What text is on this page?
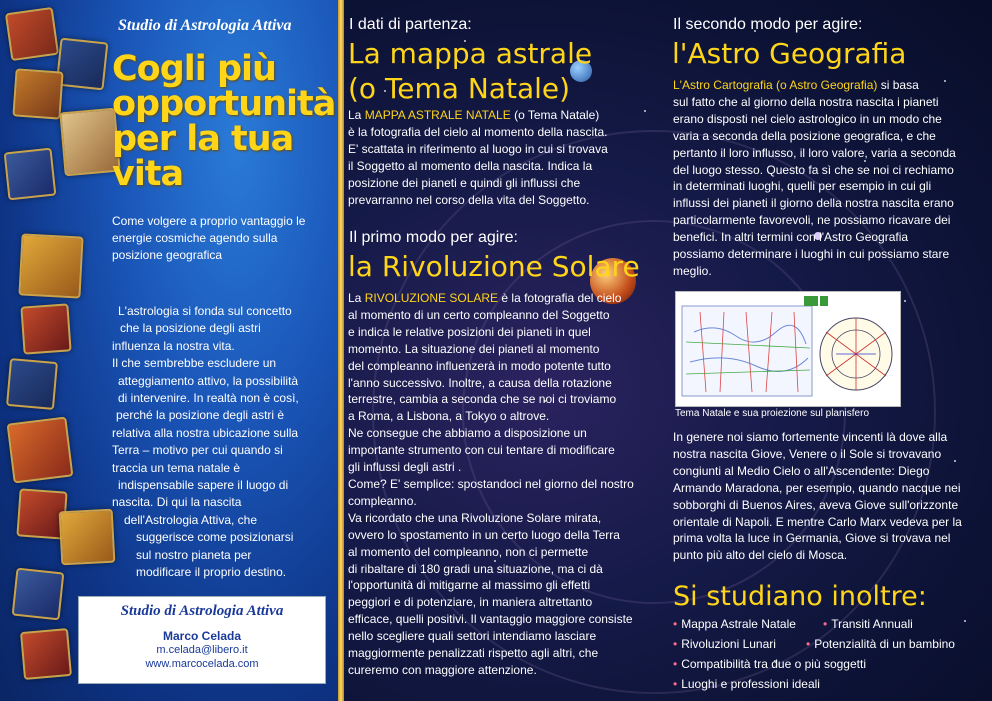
Studio di Astrologia Attiva
Cogli più opportunità per la tua vita
Come volgere a proprio vantaggio le energie cosmiche agendo sulla posizione geografica

L'astrologia si fonda sul concetto

che la posizione degli astri

influenza la nostra vita.

Il che sembrebbe escludere un

atteggiamento attivo, la possibilità

di intervenire. In realtà non è così,

perché la posizione degli astri è

relativa alla nostra ubicazione sulla

Terra – motivo per cui quando si

traccia un tema natale è

indispensabile sapere il luogo di

nascita. Di qui la nascita

dell'Astrologia Attiva, che

suggerisce come posizionarsi

sul nostro pianeta per

modificare il proprio destino.

Studio di Astrologia Attiva
Marco Celada
m.celada@libero.it
www.marcocelada.com
I dati di partenza:
La mappa astrale
(o Tema Natale)

La MAPPA ASTRALE NATALE (o Tema Natale)

è la fotografia del cielo al momento della nascita.

E' scattata in riferimento al luogo in cui si trovava

il Soggetto al momento della nascita. Indica la

posizione dei pianeti e quindi gli influssi che

prevarranno nel corso della vita del Soggetto.

Il primo modo per agire:
la Rivoluzione Solare

La RIVOLUZIONE SOLARE è la fotografia del cielo

al momento di un certo compleanno del Soggetto

e indica le relative posizioni dei pianeti in quel

momento. La situazione dei pianeti al momento

del compleanno influenzerà in modo potente tutto

l'anno successivo. Inoltre, a causa della rotazione

terrestre, cambia a seconda che se noi ci troviamo

a Roma, a Lisbona, a Tokyo o altrove.

Ne consegue che abbiamo a disposizione un

importante strumento con cui tentare di modificare

gli influssi degli astri .

Come? E' semplice: spostandoci nel giorno del nostro

compleanno.

Va ricordato che una Rivoluzione Solare mirata,

ovvero lo spostamento in un certo luogo della Terra

al momento del compleanno, non ci permette

di ribaltare di 180 gradi una situazione, ma ci dà

l'opportunità di mitigarne al massimo gli effetti

peggiori e di potenziare, in maniera altrettanto

efficace, quelli positivi. Il vantaggio maggiore consiste

nello scegliere quali settori intendiamo lasciare

maggiormente penalizzati rispetto agli altri, che

cureremo con maggiore attenzione.

Il secondo modo per agire:
l'Astro Geografia

L'Astro Cartografia (o Astro Geografia) si basa

sul fatto che al giorno della nostra nascita i pianeti

erano disposti nel cielo astrologico in un modo che

varia a seconda della posizione geografica, e che

pertanto il loro influsso, il loro valore, varia a seconda

del luogo stesso. Questo fa sì che se noi ci rechiamo

in determinati luoghi, quelli per esempio in cui gli

influssi dei pianeti il giorno della nostra nascita erano

particolarmente favorevoli, ne possiamo ricavare dei

benefici. In altri termini con l'Astro Geografia

possiamo determinare i luoghi in cui possiamo stare

meglio.

Tema Natale e sua proiezione sul planisfero

In genere noi siamo fortemente vincenti là dove alla

nostra nascita Giove, Venere o il Sole si trovavano

congiunti al Medio Cielo o all'Ascendente: Diego

Armando Maradona, per esempio, quando nacque nei

sobborghi di Buenos Aires, aveva Giove sull'orizzonte

orientale di Napoli. E mentre Carlo Marx vedeva per la

prima volta la luce in Germania, Giove si trovava nel

punto più alto del cielo di Mosca.

Si studiano inoltre:
• Mappa Astrale Natale • Transiti Annuali
• Rivoluzioni Lunari	• Potenzialità di un bambino
• Compatibilità tra due o più soggetti
• Luoghi e professioni ideali
